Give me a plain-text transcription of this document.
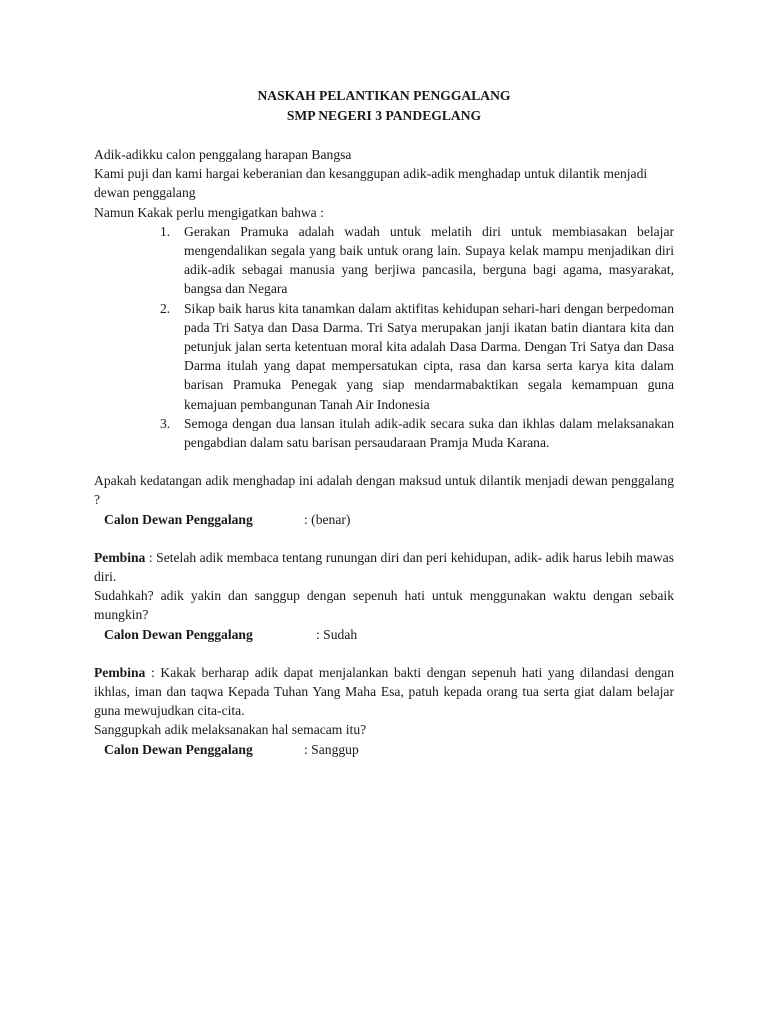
NASKAH PELANTIKAN PENGGALANG

SMP NEGERI 3 PANDEGLANG

Adik-adikku calon penggalang harapan Bangsa

Kami puji dan kami hargai keberanian dan kesanggupan adik-adik menghadap untuk dilantik menjadi dewan penggalang

Namun Kakak perlu mengigatkan bahwa :

1. Gerakan Pramuka adalah wadah untuk melatih diri untuk membiasakan belajar mengendalikan segala yang baik untuk orang lain. Supaya kelak mampu menjadikan diri adik-adik sebagai manusia yang berjiwa pancasila, berguna bagi agama, masyarakat, bangsa dan Negara
2. Sikap baik harus kita tanamkan dalam aktifitas kehidupan sehari-hari dengan berpedoman pada Tri Satya dan Dasa Darma. Tri Satya merupakan janji ikatan batin diantara kita dan petunjuk jalan serta ketentuan moral kita adalah Dasa Darma. Dengan Tri Satya dan Dasa Darma itulah yang dapat mempersatukan cipta, rasa dan karsa serta karya kita dalam barisan Pramuka Penegak yang siap mendarmabaktikan segala kemampuan guna kemajuan pembangunan Tanah Air Indonesia
3. Semoga dengan dua lansan itulah adik-adik secara suka dan ikhlas dalam melaksanakan pengabdian dalam satu barisan persaudaraan Pramja Muda Karana.

Apakah kedatangan adik menghadap ini adalah dengan maksud untuk dilantik menjadi dewan penggalang ?

Calon Dewan Penggalang	: (benar)

Pembina : Setelah adik membaca tentang runungan diri dan peri kehidupan, adik- adik harus lebih mawas diri.

Sudahkah? adik yakin dan sanggup dengan sepenuh hati untuk menggunakan waktu dengan sebaik mungkin?

Calon Dewan Penggalang	: Sudah

Pembina : Kakak berharap adik dapat menjalankan bakti dengan sepenuh hati yang dilandasi dengan ikhlas, iman dan taqwa Kepada Tuhan Yang Maha Esa, patuh kepada orang tua serta giat dalam belajar guna mewujudkan cita-cita.

Sanggupkah adik melaksanakan hal semacam itu?

Calon Dewan Penggalang	: Sanggup
